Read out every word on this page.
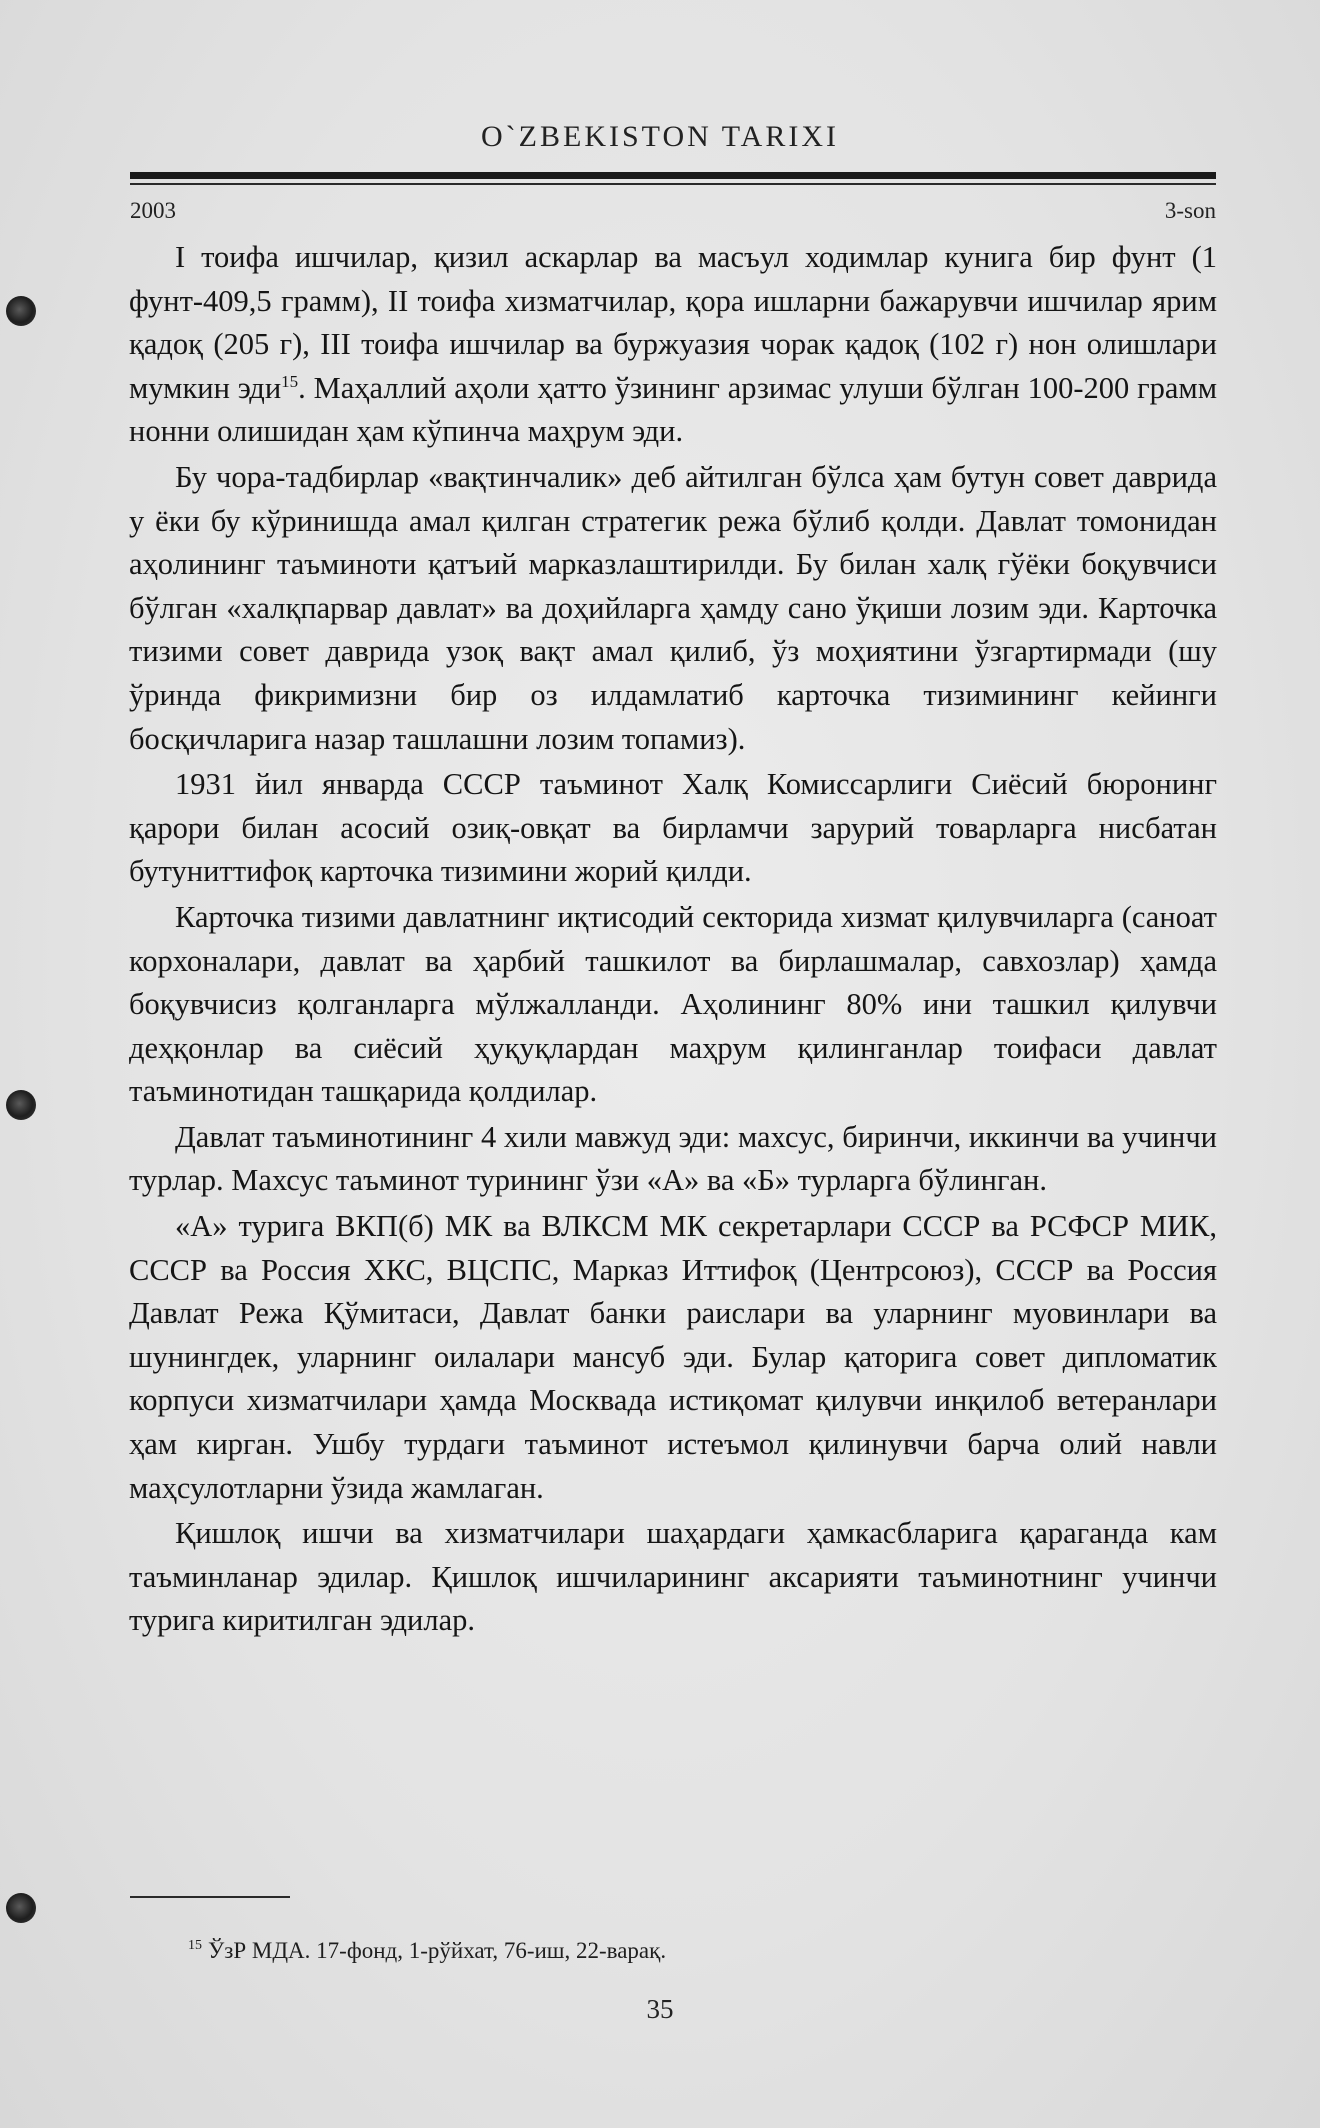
O`ZBEKISTON TARIXI
2003	3-son

I тоифа ишчилар, қизил аскарлар ва масъул ходимлар кунига бир фунт (1 фунт-409,5 грамм), II тоифа хизматчилар, қора ишларни бажарувчи ишчилар ярим қадоқ (205 г), III тоифа ишчилар ва буржуазия чорак қадоқ (102 г) нон олишлари мумкин эди$^{15}$. Маҳаллий аҳоли ҳатто ўзининг арзимас улуши бўлган 100-200 грамм нонни олишидан ҳам кўпинча маҳрум эди.

Бу чора-тадбирлар «вақтинчалик» деб айтилган бўлса ҳам бутун совет даврида у ёки бу кўринишда амал қилган стратегик режа бўлиб қолди. Давлат томонидан аҳолининг таъминоти қатъий марказлаштирилди. Бу билан халқ гўёки боқувчиси бўлган «халқпарвар давлат» ва доҳийларга ҳамду сано ўқиши лозим эди. Карточка тизими совет даврида узоқ вақт амал қилиб, ўз моҳиятини ўзгартирмади (шу ўринда фикримизни бир оз илдамлатиб карточка тизимининг кейинги босқичларига назар ташлашни лозим топамиз).

1931 йил январда СССР таъминот Халқ Комиссарлиги Сиёсий бюронинг қарори билан асосий озиқ-овқат ва бирламчи зарурий товарларга нисбатан бутуниттифоқ карточка тизимини жорий қилди.

Карточка тизими давлатнинг иқтисодий секторида хизмат қилувчиларга (саноат корхоналари, давлат ва ҳарбий ташкилот ва бирлашмалар, савхозлар) ҳамда боқувчисиз қолганларга мўлжалланди. Аҳолининг 80% ини ташкил қилувчи деҳқонлар ва сиёсий ҳуқуқлардан маҳрум қилинганлар тоифаси давлат таъминотидан ташқарида қолдилар.

Давлат таъминотининг 4 хили мавжуд эди: махсус, биринчи, иккинчи ва учинчи турлар. Махсус таъминот турининг ўзи «А» ва «Б» турларга бўлинган.

«А» турига ВКП(б) МК ва ВЛКСМ МК секретарлари СССР ва РСФСР МИК, СССР ва Россия ХКС, ВЦСПС, Марказ Иттифоқ (Центрсоюз), СССР ва Россия Давлат Режа Қўмитаси, Давлат банки раислари ва уларнинг муовинлари ва шунингдек, уларнинг оилалари мансуб эди. Булар қаторига совет дипломатик корпуси хизматчилари ҳамда Москвада истиқомат қилувчи инқилоб ветеранлари ҳам кирган. Ушбу турдаги таъминот истеъмол қилинувчи барча олий навли маҳсулотларни ўзида жамлаган.

Қишлоқ ишчи ва хизматчилари шаҳардаги ҳамкасбларига қараганда кам таъминланар эдилар. Қишлоқ ишчиларининг аксарияти таъминотнинг учинчи турига киритилган эдилар.

$^{15}$ ЎзР МДА. 17-фонд, 1-рўйхат, 76-иш, 22-варақ.
35
